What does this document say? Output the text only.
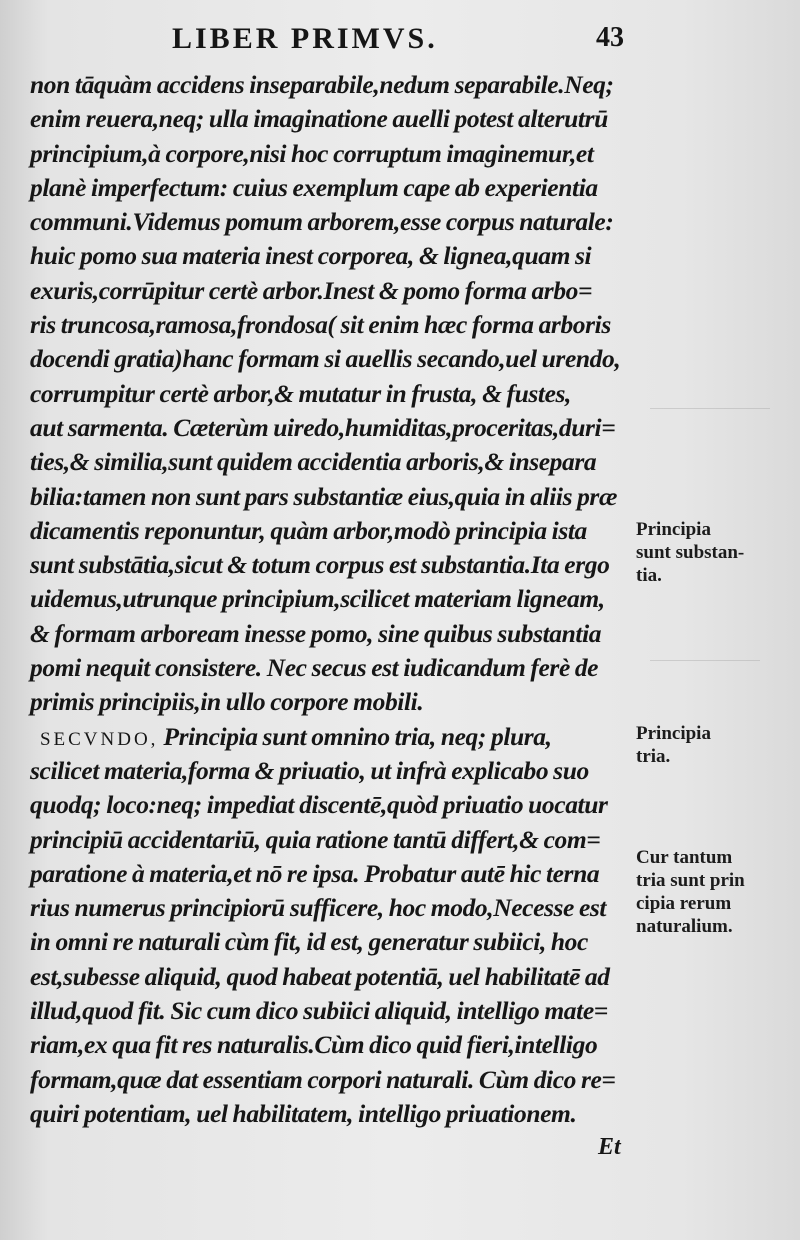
LIBER PRIMVS.	43
non tāquàm accidens inseparabile,nedum separabile.Neq;
enim reuera,neq; ulla imaginatione auelli potest alterutrū
principium,à corpore,nisi hoc corruptum imaginemur,et
planè imperfectum: cuius exemplum cape ab experientia
communi.Videmus pomum arborem,esse corpus naturale:
huic pomo sua materia inest corporea, & lignea,quam si
exuris,corrūpitur certè arbor.Inest & pomo forma arbo=
ris truncosa,ramosa,frondosa( sit enim hæc forma arboris
docendi gratia)hanc formam si auellis secando,uel urendo,
corrumpitur certè arbor,& mutatur in frusta, & fustes,
aut sarmenta. Cæterùm uiredo,humiditas,proceritas,duri=
ties,& similia,sunt quidem accidentia arboris,& insepara
bilia:tamen non sunt pars substantiæ eius,quia in aliis præ
dicamentis reponuntur, quàm arbor,modò principia ista
sunt substātia,sicut & totum corpus est substantia.Ita ergo
uidemus,utrunque principium,scilicet materiam ligneam,
& formam arboream inesse pomo, sine quibus substantia
pomi nequit consistere. Nec secus est iudicandum ferè de
primis principiis,in ullo corpore mobili.
SECVNDO, Principia sunt omnino tria, neq; plura,
scilicet materia,forma & priuatio, ut infrà explicabo suo
quodq; loco:neq; impediat discentē,quòd priuatio uocatur
principiū accidentariū, quia ratione tantū differt,& com=
paratione à materia,et nō re ipsa. Probatur autē hic terna
rius numerus principiorū sufficere, hoc modo,Necesse est
in omni re naturali cùm fit, id est, generatur subiici, hoc
est,subesse aliquid, quod habeat potentiā, uel habilitatē ad
illud,quod fit. Sic cum dico subiici aliquid, intelligo mate=
riam,ex qua fit res naturalis.Cùm dico quid fieri,intelligo
formam,quæ dat essentiam corpori naturali. Cùm dico re=
quiri potentiam, uel habilitatem, intelligo priuationem.
Principia
sunt substan-
tia.
Principia
tria.
Cur tantum
tria sunt prin
cipia rerum
naturalium.
Et
